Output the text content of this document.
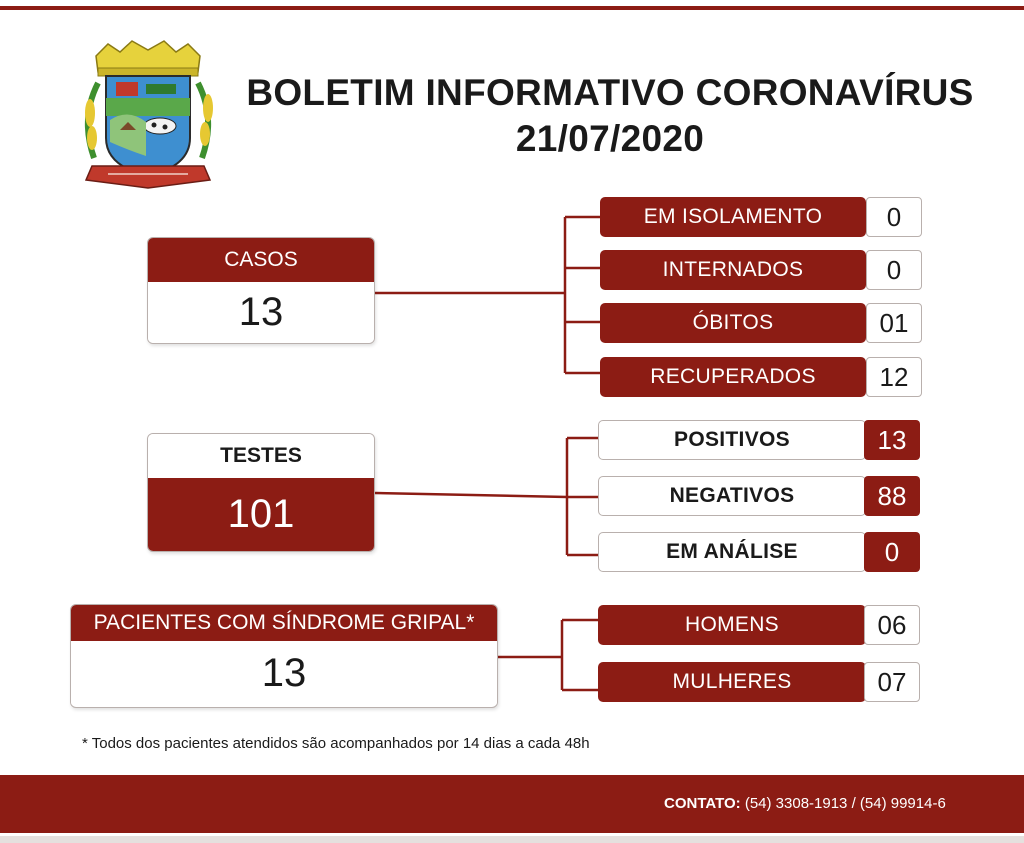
BOLETIM INFORMATIVO CORONAVÍRUS
21/07/2020
CASOS
13
EM ISOLAMENTO	0
INTERNADOS	0
ÓBITOS	01
RECUPERADOS	12
TESTES
101
POSITIVOS	13
NEGATIVOS	88
EM ANÁLISE	0
PACIENTES COM SÍNDROME GRIPAL*
13
HOMENS	06
MULHERES	07
* Todos dos pacientes atendidos são acompanhados por 14 dias a cada 48h
CONTATO: (54) 3308-1913 / (54) 99914-6
